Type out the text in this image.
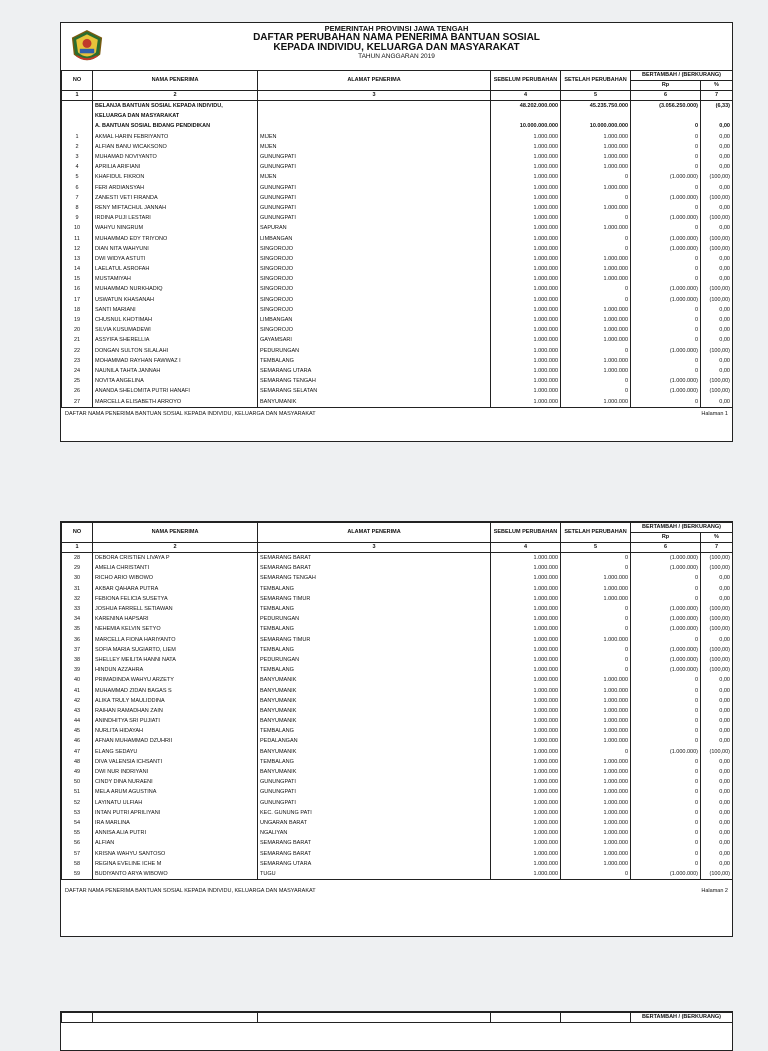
PEMERINTAH PROVINSI JAWA TENGAH
DAFTAR PERUBAHAN NAMA PENERIMA BANTUAN SOSIAL
KEPADA INDIVIDU, KELUARGA DAN MASYARAKAT
TAHUN ANGGARAN 2019
NO	NAMA PENERIMA	ALAMAT PENERIMA	SEBELUM PERUBAHAN	SETELAH PERUBAHAN	BERTAMBAH / (BERKURANG)	
					Rp	%
1	2	3	4	5	6	7
	BELANJA BANTUAN SOSIAL KEPADA INDIVIDU,		48.202.000.000	45.235.750.000	(3.056.250.000)	(6,33)
	KELUARGA DAN MASYARAKAT					
	A. BANTUAN SOSIAL BIDANG PENDIDIKAN		10.000.000.000	10.000.000.000	0	0,00
1	AKMAL HARIN FEBRIYANTO	MIJEN	1.000.000	1.000.000	0	0,00
2	ALFIAN BANU WICAKSONO	MIJEN	1.000.000	1.000.000	0	0,00
3	MUHAMAD NOVIYANTO	GUNUNGPATI	1.000.000	1.000.000	0	0,00
4	APRILIA ARIFIANI	GUNUNGPATI	1.000.000	1.000.000	0	0,00
5	KHAFIDUL FIKRON	MIJEN	1.000.000	0	(1.000.000)	(100,00)
6	FERI ARDIANSYAH	GUNUNGPATI	1.000.000	1.000.000	0	0,00
7	ZANESTI VETI FIRANDA	GUNUNGPATI	1.000.000	0	(1.000.000)	(100,00)
8	RENY MIFTACHUL JANNAH	GUNUNGPATI	1.000.000	1.000.000	0	0,00
9	IRDINA PUJI LESTARI	GUNUNGPATI	1.000.000	0	(1.000.000)	(100,00)
10	WAHYU NINGRUM	SAPURAN	1.000.000	1.000.000	0	0,00
11	MUHAMMAD EDY TRIYONO	LIMBANGAN	1.000.000	0	(1.000.000)	(100,00)
12	DIAN NITA WAHYUNI	SINGOROJO	1.000.000	0	(1.000.000)	(100,00)
13	DWI WIDYA ASTUTI	SINGOROJO	1.000.000	1.000.000	0	0,00
14	LAELATUL ASROFAH	SINGOROJO	1.000.000	1.000.000	0	0,00
15	MUSTAMIYAH	SINGOROJO	1.000.000	1.000.000	0	0,00
16	MUHAMMAD NURKHADIQ	SINGOROJO	1.000.000	0	(1.000.000)	(100,00)
17	USWATUN KHASANAH	SINGOROJO	1.000.000	0	(1.000.000)	(100,00)
18	SANTI MARIANI	SINGOROJO	1.000.000	1.000.000	0	0,00
19	CHUSNUL KHOTIMAH	LIMBANGAN	1.000.000	1.000.000	0	0,00
20	SILVIA KUSUMADEWI	SINGOROJO	1.000.000	1.000.000	0	0,00
21	ASSYIFA SHERELLIA	GAYAMSARI	1.000.000	1.000.000	0	0,00
22	DONGAN SULTON SILALAHI	PEDURUNGAN	1.000.000	0	(1.000.000)	(100,00)
23	MOHAMMAD RAYHAN FAWWAZ I	TEMBALANG	1.000.000	1.000.000	0	0,00
24	NAUNILA TAHTA JANNAH	SEMARANG UTARA	1.000.000	1.000.000	0	0,00
25	NOVITA ANGELINA	SEMARANG TENGAH	1.000.000	0	(1.000.000)	(100,00)
26	ANANDA SHELOMITA PUTRI HANAFI	SEMARANG SELATAN	1.000.000	0	(1.000.000)	(100,00)
27	MARCELLA ELISABETH ARROYO	BANYUMANIK	1.000.000	1.000.000	0	0,00
DAFTAR NAMA PENERIMA BANTUAN SOSIAL KEPADA INDIVIDU, KELUARGA DAN MASYARAKAT	Halaman 1
NO	NAMA PENERIMA	ALAMAT PENERIMA	SEBELUM PERUBAHAN	SETELAH PERUBAHAN	BERTAMBAH / (BERKURANG)	
					Rp	%
1	2	3	4	5	6	7
28	DEBORA CRISTIEN LIVAYA P	SEMARANG BARAT	1.000.000	0	(1.000.000)	(100,00)
29	AMELIA CHRISTANTI	SEMARANG BARAT	1.000.000	0	(1.000.000)	(100,00)
30	RICHO ARIO WIBOWO	SEMARANG TENGAH	1.000.000	1.000.000	0	0,00
31	AKBAR QAHARA PUTRA	TEMBALANG	1.000.000	1.000.000	0	0,00
32	FEBIONA FELICIA SUSETYA	SEMARANG TIMUR	1.000.000	1.000.000	0	0,00
33	JOSHUA FARRELL SETIAWAN	TEMBALANG	1.000.000	0	(1.000.000)	(100,00)
34	KARENINA HAPSARI	PEDURUNGAN	1.000.000	0	(1.000.000)	(100,00)
35	NEHEMIA KELVIN SETYO	TEMBALANG	1.000.000	0	(1.000.000)	(100,00)
36	MARCELLA FIONA HARIYANTO	SEMARANG TIMUR	1.000.000	1.000.000	0	0,00
37	SOFIA MARIA SUGIARTO, LIEM	TEMBALANG	1.000.000	0	(1.000.000)	(100,00)
38	SHELLEY MEILITA HANNI NATA	PEDURUNGAN	1.000.000	0	(1.000.000)	(100,00)
39	HINDUN AZZAHRA	TEMBALANG	1.000.000	0	(1.000.000)	(100,00)
40	PRIMADINDA WAHYU ARZETY	BANYUMANIK	1.000.000	1.000.000	0	0,00
41	MUHAMMAD ZIDAN BAGAS S	BANYUMANIK	1.000.000	1.000.000	0	0,00
42	ALIKA TRULY MAULIDDINA	BANYUMANIK	1.000.000	1.000.000	0	0,00
43	RAIHAN RAMADHAN ZAIN	BANYUMANIK	1.000.000	1.000.000	0	0,00
44	ANINDHITYA SRI PUJIATI	BANYUMANIK	1.000.000	1.000.000	0	0,00
45	NURLITA HIDAYAH	TEMBALANG	1.000.000	1.000.000	0	0,00
46	AFNAN MUHAMMAD DZUHRII	PEDALANGAN	1.000.000	1.000.000	0	0,00
47	ELANG SEDAYU	BANYUMANIK	1.000.000	0	(1.000.000)	(100,00)
48	DIVA VALENSIA ICHSANTI	TEMBALANG	1.000.000	1.000.000	0	0,00
49	DWI NUR INDRIYANI	BANYUMANIK	1.000.000	1.000.000	0	0,00
50	CINDY DINA NURAENI	GUNUNGPATI	1.000.000	1.000.000	0	0,00
51	MELA ARUM AGUSTINA	GUNUNGPATI	1.000.000	1.000.000	0	0,00
52	LAYINATU ULFIAH	GUNUNGPATI	1.000.000	1.000.000	0	0,00
53	INTAN PUTRI APRILIYANI	KEC. GUNUNG PATI	1.000.000	1.000.000	0	0,00
54	IRA MARLINA	UNGARAN BARAT	1.000.000	1.000.000	0	0,00
55	ANNISA ALIA PUTRI	NGALIYAN	1.000.000	1.000.000	0	0,00
56	ALFIAN	SEMARANG BARAT	1.000.000	1.000.000	0	0,00
57	KRISNA WAHYU SANTOSO	SEMARANG BARAT	1.000.000	1.000.000	0	0,00
58	REGINA EVELINE ICHE M	SEMARANG UTARA	1.000.000	1.000.000	0	0,00
59	BUDIYANTO ARYA WIBOWO	TUGU	1.000.000	0	(1.000.000)	(100,00)
DAFTAR NAMA PENERIMA BANTUAN SOSIAL KEPADA INDIVIDU, KELUARGA DAN MASYARAKAT	Halaman 2
					BERTAMBAH / (BERKURANG)
